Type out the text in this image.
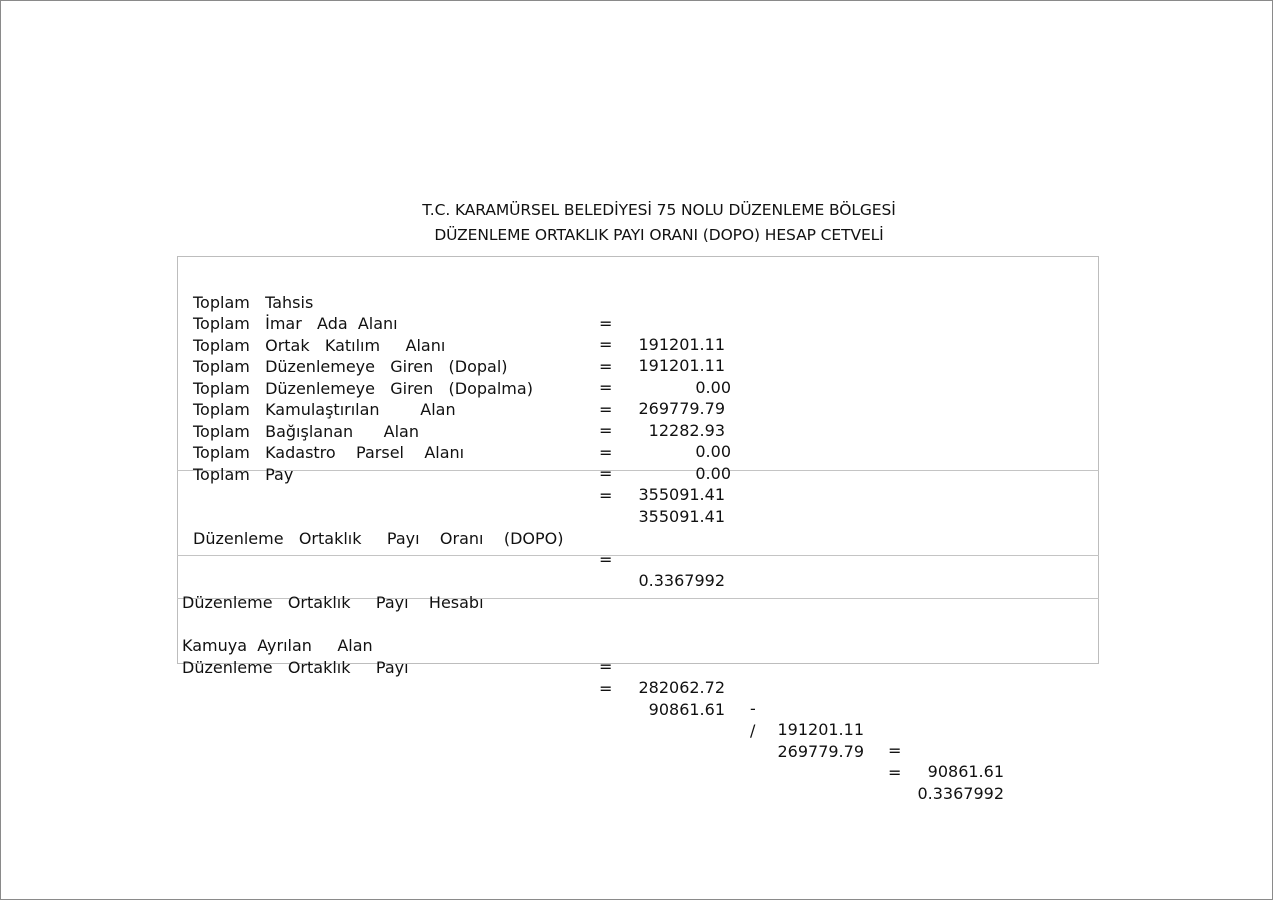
T.C. KARAMÜRSEL BELEDİYESİ 75 NOLU DÜZENLEME BÖLGESİ
DÜZENLEME ORTAKLIK PAYI ORANI (DOPO) HESAP CETVELİ

Toplam   Tahsis

=

191201.11

Toplam   İmar   Ada  Alanı

=

191201.11

Toplam   Ortak   Katılım     Alanı

=

0.00

Toplam   Düzenlemeye   Giren   (Dopal)

=

269779.79

Toplam   Düzenlemeye   Giren   (Dopalma)

=

12282.93

Toplam   Kamulaştırılan        Alan

=

0.00

Toplam   Bağışlanan      Alan

=

0.00

Toplam   Kadastro    Parsel    Alanı

=

355091.41

Toplam   Pay

=

355091.41

Düzenleme   Ortaklık     Payı    Oranı    (DOPO)

=

0.3367992

Düzenleme   Ortaklık     Payı    Hesabı

Kamuya  Ayrılan     Alan

=

282062.72

-

191201.11

=

90861.61

Düzenleme   Ortaklık     Payı

=

90861.61

/

269779.79

=

0.3367992
